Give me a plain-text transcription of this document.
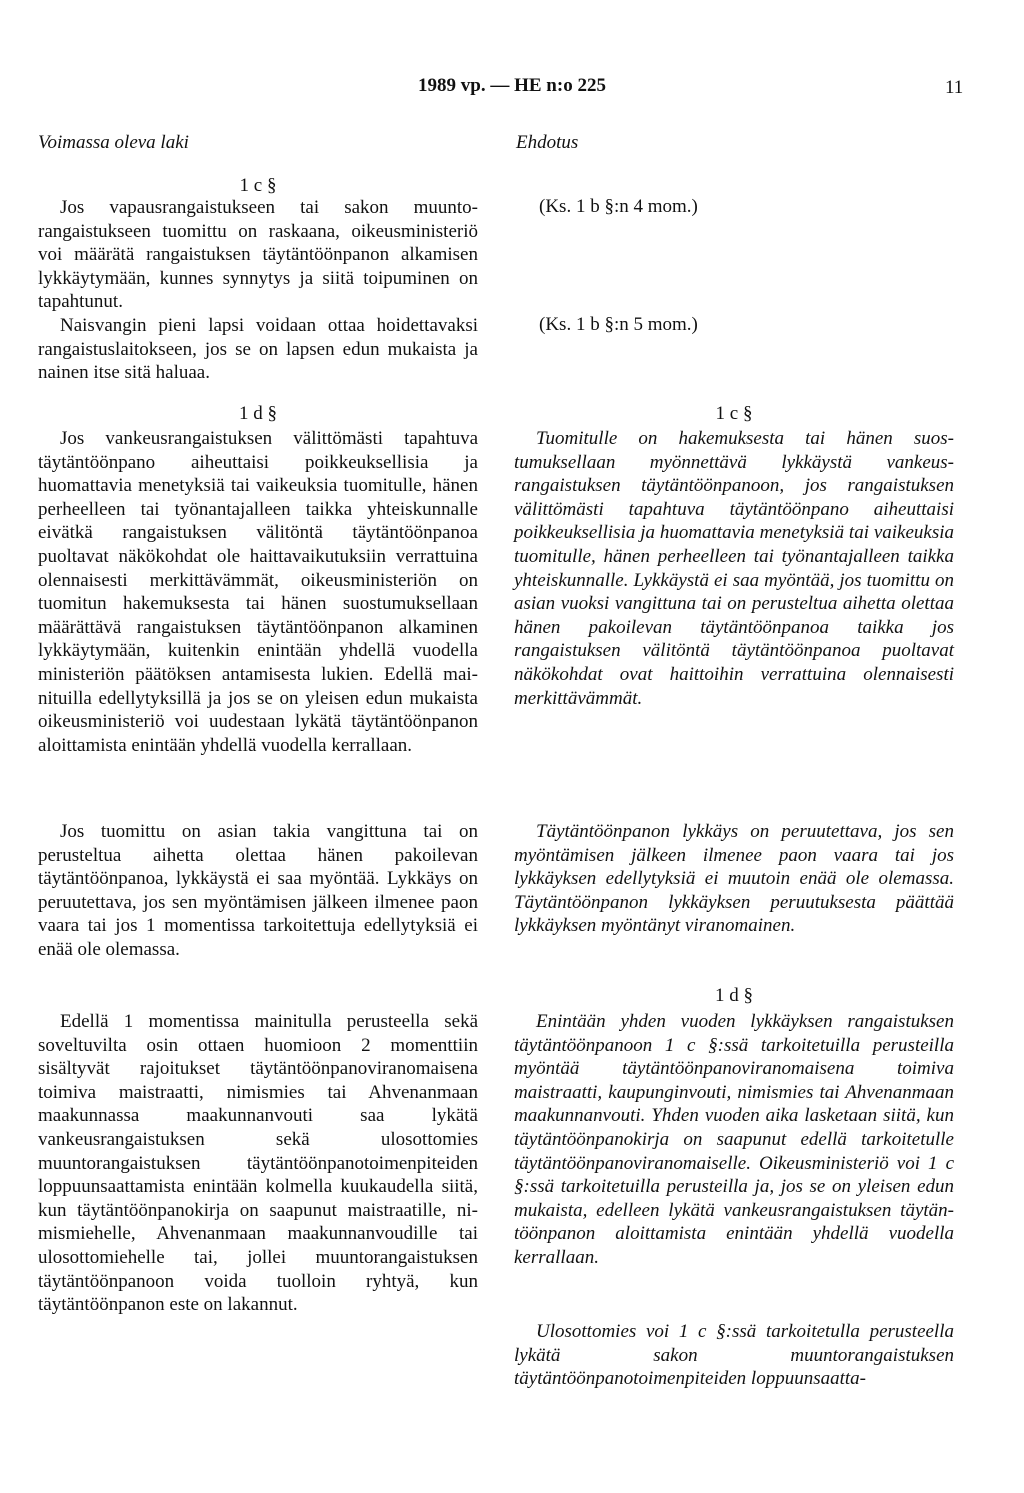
1989 vp. — HE n:o 225	11
Voimassa oleva laki	Ehdotus
1 c §

Jos vapausrangaistukseen tai sakon muuntorangaistukseen tuomittu on raskaana, oikeusministeriö voi määrätä rangaistuksen täytäntöönpanon alkamisen lykkäytymään, kunnes synnytys ja siitä toipuminen on tapahtunut.

Naisvangin pieni lapsi voidaan ottaa hoidettavaksi rangaistuslaitokseen, jos se on lapsen edun mukaista ja nainen itse sitä haluaa.

1 d §

Jos vankeusrangaistuksen välittömästi tapahtuva täytäntöönpano aiheuttaisi poikkeuksellisia ja huomattavia menetyksiä tai vaikeuksia tuomitulle, hänen perheelleen tai työnantajalleen taikka yhteiskunnalle eivätkä rangaistuksen välitöntä täytäntöönpanoa puoltavat näkökohdat ole haittavaikutuksiin verrattuina olennaisesti merkittävämmät, oikeusministeriön on tuomitun hakemuksesta tai hänen suostumuksellaan määrättävä rangaistuksen täytäntöönpanon alkaminen lykkäytymään, kuitenkin enintään yhdellä vuodella ministeriön päätöksen antamisesta lukien. Edellä mainituilla edellytyksillä ja jos se on yleisen edun mukaista oikeusministeriö voi uudestaan lykätä täytäntöönpanon aloittamista enintään yhdellä vuodella kerrallaan.

Jos tuomittu on asian takia vangittuna tai on perusteltua aihetta olettaa hänen pakoilevan täytäntöönpanoa, lykkäystä ei saa myöntää. Lykkäys on peruutettava, jos sen myöntämisen jälkeen ilmenee paon vaara tai jos 1 momentissa tarkoitettuja edellytyksiä ei enää ole olemassa.

Edellä 1 momentissa mainitulla perusteella sekä soveltuvilta osin ottaen huomioon 2 momenttiin sisältyvät rajoitukset täytäntöönpanoviranomaisena toimiva maistraatti, nimismies tai Ahvenanmaan maakunnassa maakunnanvouti saa lykätä vankeusrangaistuksen sekä ulosottomies muuntorangaistuksen täytäntöönpanotoimenpiteiden loppuunsaattamista enintään kolmella kuukaudella siitä, kun täytäntöönpanokirja on saapunut maistraatille, nimismiehelle, Ahvenanmaan maakunnanvoudille tai ulosottomiehelle tai, jollei muuntorangaistuksen täytäntöönpanoon voida tuolloin ryhtyä, kun täytäntöönpanon este on lakannut.

(Ks. 1 b §:n 4 mom.)
(Ks. 1 b §:n 5 mom.)
1 c §

Tuomitulle on hakemuksesta tai hänen suostumuksellaan myönnettävä lykkäystä vankeusrangaistuksen täytäntöönpanoon, jos rangaistuksen välittömästi tapahtuva täytäntöönpano aiheuttaisi poikkeuksellisia ja huomattavia menetyksiä tai vaikeuksia tuomitulle, hänen perheelleen tai työnantajalleen taikka yhteiskunnalle. Lykkäystä ei saa myöntää, jos tuomittu on asian vuoksi vangittuna tai on perusteltua aihetta olettaa hänen pakoilevan täytäntöönpanoa taikka jos rangaistuksen välitöntä täytäntöönpanoa puoltavat näkökohdat ovat haittoihin verrattuina olennaisesti merkittävämmät.

Täytäntöönpanon lykkäys on peruutettava, jos sen myöntämisen jälkeen ilmenee paon vaara tai jos lykkäyksen edellytyksiä ei muutoin enää ole olemassa. Täytäntöönpanon lykkäyksen peruutuksesta päättää lykkäyksen myöntänyt viranomainen.

1 d §

Enintään yhden vuoden lykkäyksen rangaistuksen täytäntöönpanoon 1 c §:ssä tarkoitetuilla perusteilla myöntää täytäntöönpanoviranomaisena toimiva maistraatti, kaupunginvouti, nimismies tai Ahvenanmaan maakunnanvouti. Yhden vuoden aika lasketaan siitä, kun täytäntöönpanokirja on saapunut edellä tarkoitetulle täytäntöönpanoviranomaiselle. Oikeusministeriö voi 1 c §:ssä tarkoitetuilla perusteilla ja, jos se on yleisen edun mukaista, edelleen lykätä vankeusrangaistuksen täytäntöönpanon aloittamista enintään yhdellä vuodella kerrallaan.

Ulosottomies voi 1 c §:ssä tarkoitetulla perusteella lykätä sakon muuntorangaistuksen täytäntöönpanotoimenpiteiden loppuunsaatta-
